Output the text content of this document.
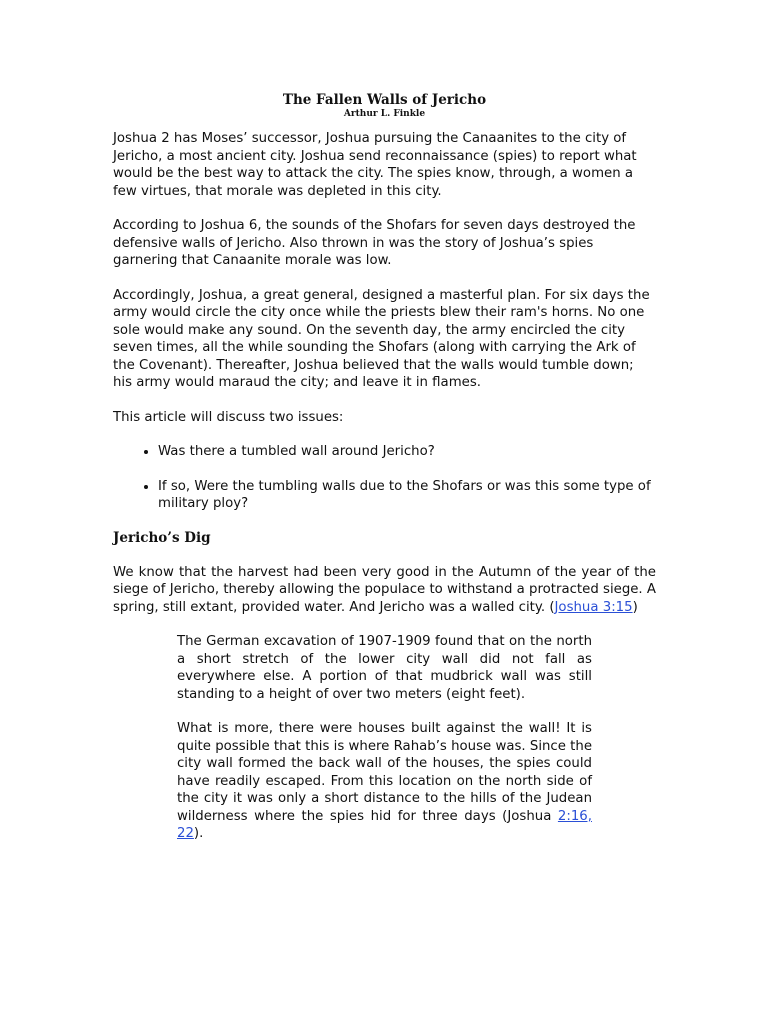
The Fallen Walls of Jericho
Arthur L. Finkle

Joshua 2 has Moses’ successor, Joshua pursuing the Canaanites to the city of Jericho, a most ancient city. Joshua send reconnaissance (spies) to report what would be the best way to attack the city. The spies know, through, a women a few virtues, that morale was depleted in this city.

According to Joshua 6, the sounds of the Shofars for seven days destroyed the defensive walls of Jericho. Also thrown in was the story of Joshua’s spies garnering that Canaanite morale was low.

Accordingly, Joshua, a great general, designed a masterful plan. For six days the army would circle the city once while the priests blew their ram's horns. No one sole would make any sound. On the seventh day, the army encircled the city seven times, all the while sounding the Shofars (along with carrying the Ark of the Covenant). Thereafter, Joshua believed that the walls would tumble down; his army would maraud the city; and leave it in flames.

This article will discuss two issues:

• Was there a tumbled wall around Jericho?
• If so, Were the tumbling walls due to the Shofars or was this some type of military ploy?
Jericho’s Dig

We know that the harvest had been very good in the Autumn of the year of the siege of Jericho, thereby allowing the populace to withstand a protracted siege. A spring, still extant, provided water. And Jericho was a walled city. (Joshua 3:15)

The German excavation of 1907-1909 found that on the north a short stretch of the lower city wall did not fall as everywhere else. A portion of that mudbrick wall was still standing to a height of over two meters (eight feet).

What is more, there were houses built against the wall! It is quite possible that this is where Rahab’s house was. Since the city wall formed the back wall of the houses, the spies could have readily escaped. From this location on the north side of the city it was only a short distance to the hills of the Judean wilderness where the spies hid for three days (Joshua 2:16, 22).
